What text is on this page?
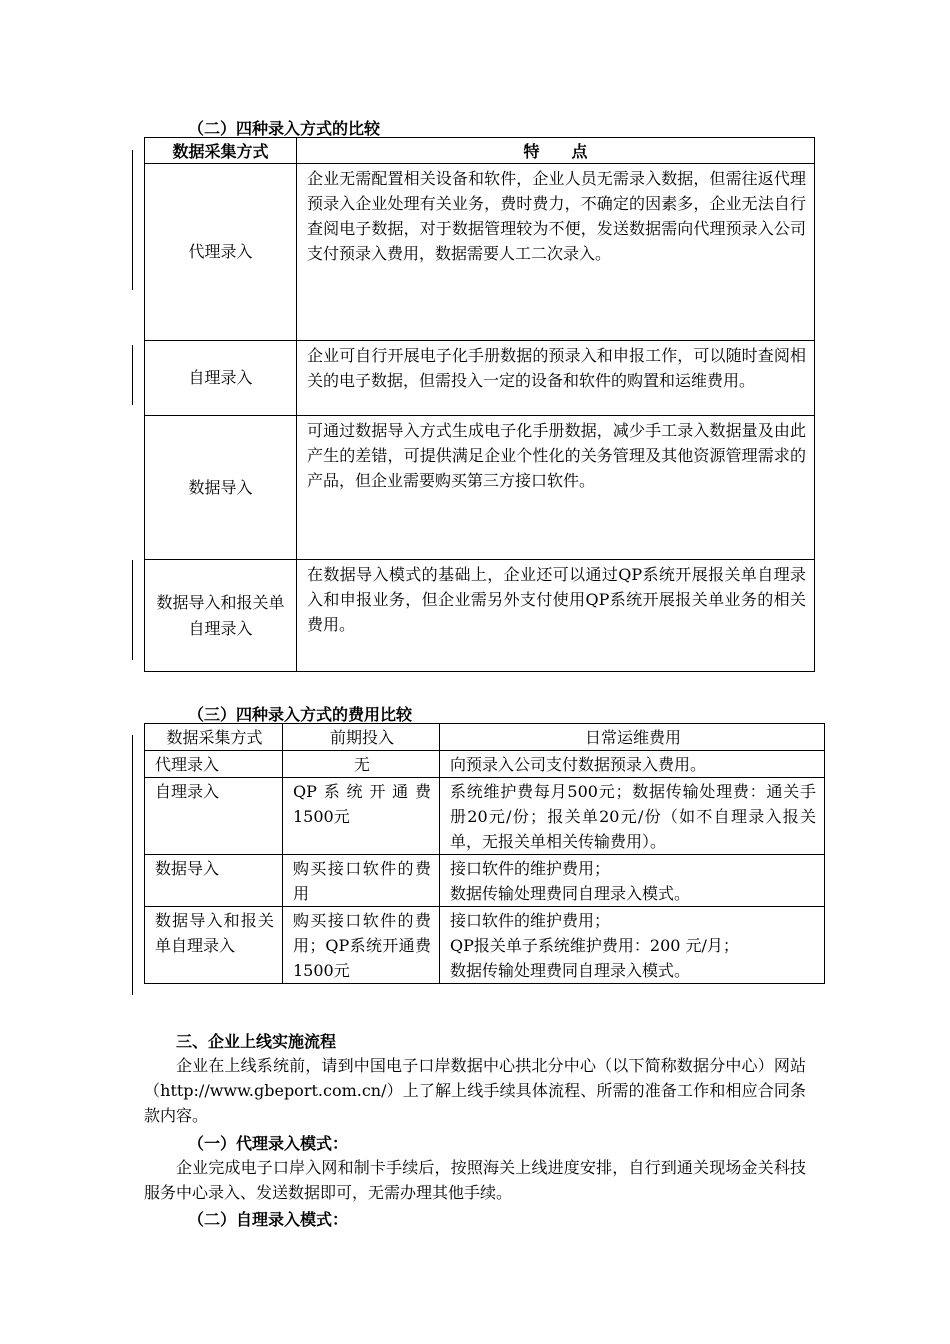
（二）四种录入方式的比较
数据采集方式	特　　点
代理录入	企业无需配置相关设备和软件，企业人员无需录入数据，但需往返代理预录入企业处理有关业务，费时费力，不确定的因素多，企业无法自行查阅电子数据，对于数据管理较为不便，发送数据需向代理预录入公司支付预录入费用，数据需要人工二次录入。
自理录入	企业可自行开展电子化手册数据的预录入和申报工作，可以随时查阅相关的电子数据，但需投入一定的设备和软件的购置和运维费用。
数据导入	可通过数据导入方式生成电子化手册数据，减少手工录入数据量及由此产生的差错，可提供满足企业个性化的关务管理及其他资源管理需求的产品，但企业需要购买第三方接口软件。
数据导入和报关单自理录入	在数据导入模式的基础上，企业还可以通过QP系统开展报关单自理录入和申报业务，但企业需另外支付使用QP系统开展报关单业务的相关费用。
（三）四种录入方式的费用比较
数据采集方式	前期投入	日常运维费用
代理录入	无	向预录入公司支付数据预录入费用。
自理录入	QP系统开通费1500元	系统维护费每月500元；数据传输处理费：通关手册20元/份；报关单20元/份（如不自理录入报关单，无报关单相关传输费用）。
数据导入	购买接口软件的费用	接口软件的维护费用；
数据传输处理费同自理录入模式。
数据导入和报关单自理录入	购买接口软件的费用；QP系统开通费1500元	接口软件的维护费用；
QP报关单子系统维护费用：200 元/月；
数据传输处理费同自理录入模式。
三、企业上线实施流程
企业在上线系统前，请到中国电子口岸数据中心拱北分中心（以下简称数据分中心）网站（http://www.gbeport.com.cn/）上了解上线手续具体流程、所需的准备工作和相应合同条款内容。
（一）代理录入模式：
企业完成电子口岸入网和制卡手续后，按照海关上线进度安排，自行到通关现场金关科技服务中心录入、发送数据即可，无需办理其他手续。
（二）自理录入模式：
